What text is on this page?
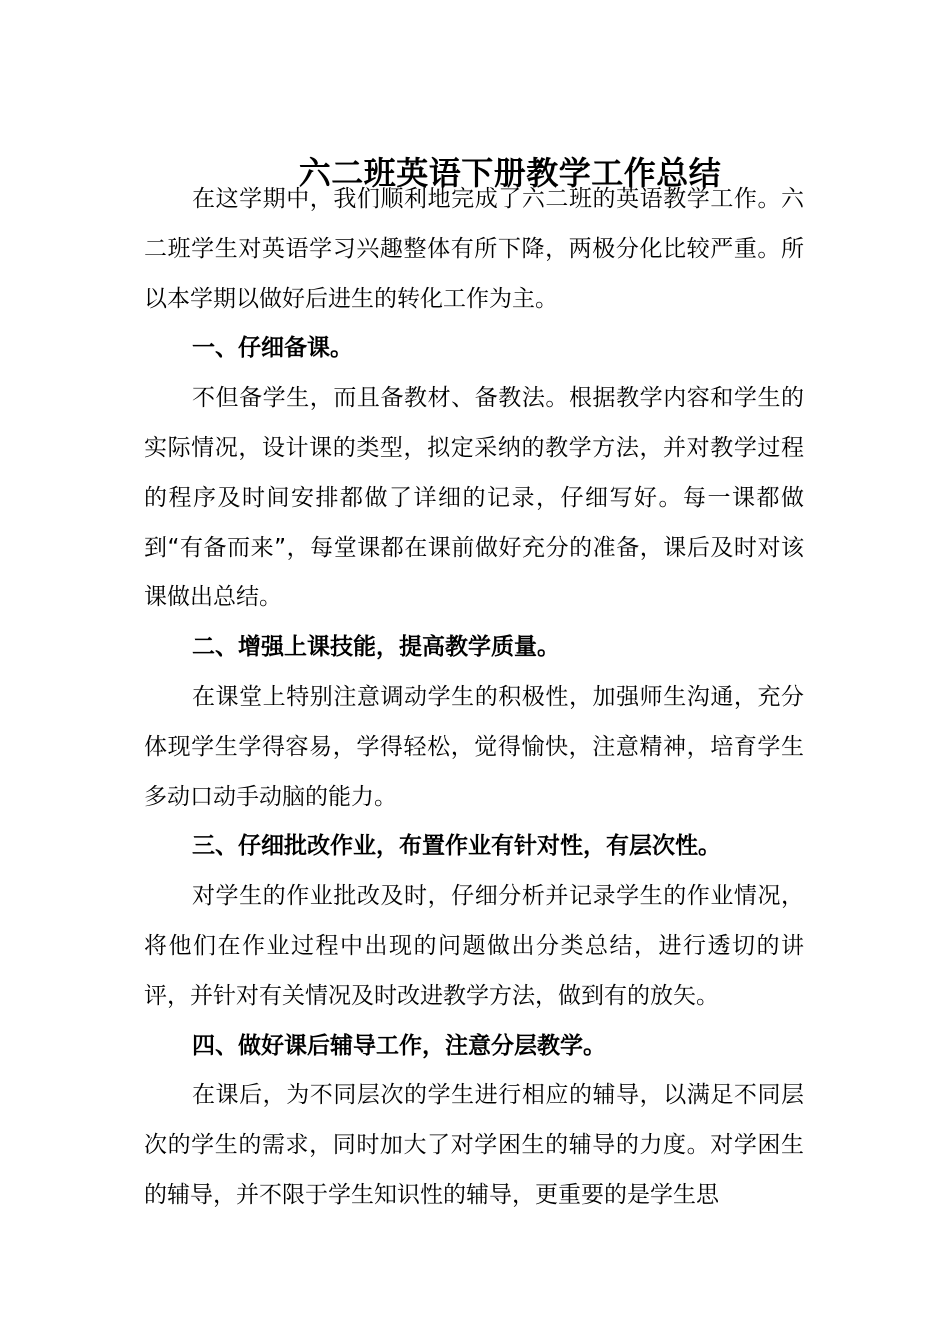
六二班英语下册教学工作总结

在这学期中，我们顺利地完成了六二班的英语教学工作。六二班学生对英语学习兴趣整体有所下降，两极分化比较严重。所以本学期以做好后进生的转化工作为主。

一、仔细备课。

不但备学生，而且备教材、备教法。根据教学内容和学生的实际情况，设计课的类型，拟定采纳的教学方法，并对教学过程的程序及时间安排都做了详细的记录，仔细写好。每一课都做到“有备而来”，每堂课都在课前做好充分的准备，课后及时对该课做出总结。

二、增强上课技能，提高教学质量。

在课堂上特别注意调动学生的积极性，加强师生沟通，充分体现学生学得容易，学得轻松，觉得愉快，注意精神，培育学生多动口动手动脑的能力。

三、仔细批改作业，布置作业有针对性，有层次性。

对学生的作业批改及时，仔细分析并记录学生的作业情况，将他们在作业过程中出现的问题做出分类总结，进行透切的讲评，并针对有关情况及时改进教学方法，做到有的放矢。

四、做好课后辅导工作，注意分层教学。

在课后，为不同层次的学生进行相应的辅导，以满足不同层次的学生的需求，同时加大了对学困生的辅导的力度。对学困生的辅导，并不限于学生知识性的辅导，更重要的是学生思
